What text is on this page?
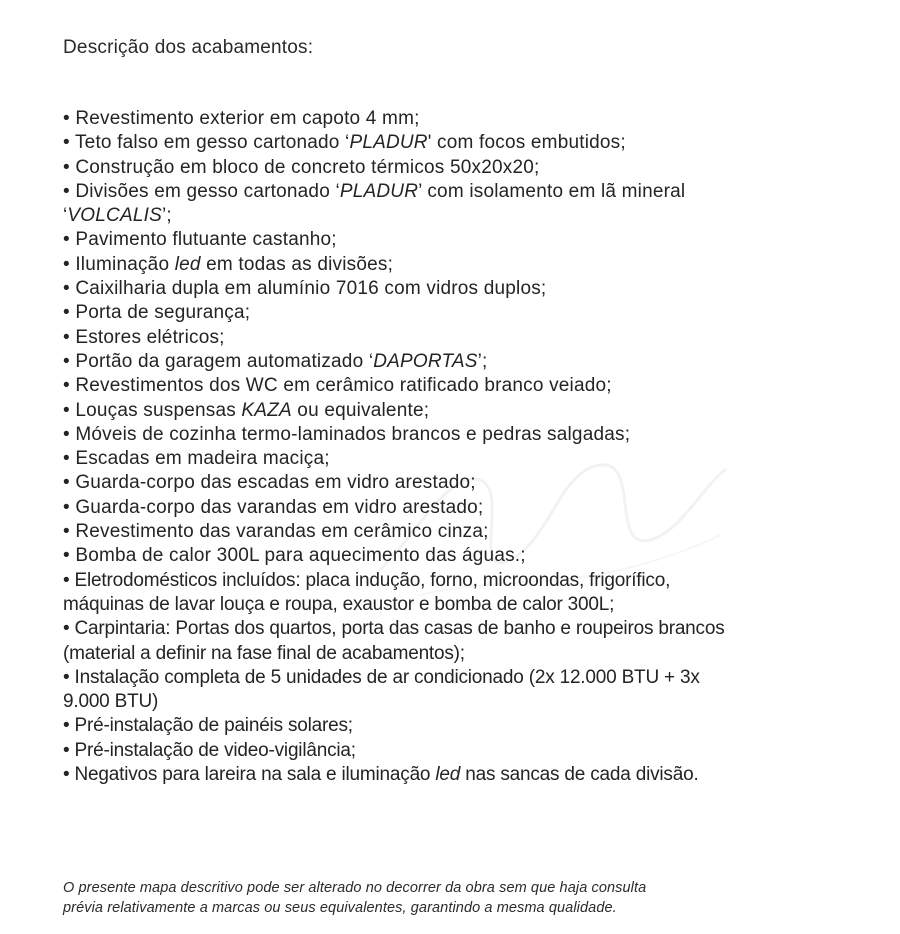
Descrição dos acabamentos:
• Revestimento exterior em capoto 4 mm;
• Teto falso em gesso cartonado ‘PLADUR' com focos embutidos;
• Construção em bloco de concreto térmicos 50x20x20;
• Divisões em gesso cartonado ‘PLADUR’ com isolamento em lã mineral
‘VOLCALIS’;
• Pavimento flutuante castanho;
• Iluminação led em todas as divisões;
• Caixilharia dupla em alumínio 7016 com vidros duplos;
• Porta de segurança;
• Estores elétricos;
• Portão da garagem automatizado ‘DAPORTAS’;
• Revestimentos dos WC em cerâmico ratificado branco veiado;
• Louças suspensas KAZA ou equivalente;
• Móveis de cozinha termo-laminados brancos e pedras salgadas;
• Escadas em madeira maciça;
• Guarda-corpo das escadas em vidro arestado;
• Guarda-corpo das varandas em vidro arestado;
• Revestimento das varandas em cerâmico cinza;
• Bomba de calor 300L para aquecimento das águas.;
• Eletrodomésticos incluídos: placa indução, forno, microondas, frigorífico,
máquinas de lavar louça e roupa, exaustor e bomba de calor 300L;
• Carpintaria: Portas dos quartos, porta das casas de banho e roupeiros brancos
(material a definir na fase final de acabamentos);
• Instalação completa de 5 unidades de ar condicionado (2x 12.000 BTU + 3x
9.000 BTU)
• Pré-instalação de painéis solares;
• Pré-instalação de video-vigilância;
• Negativos para lareira na sala e iluminação led nas sancas de cada divisão.
O presente mapa descritivo pode ser alterado no decorrer da obra sem que haja consulta
prévia relativamente a marcas ou seus equivalentes, garantindo a mesma qualidade.
